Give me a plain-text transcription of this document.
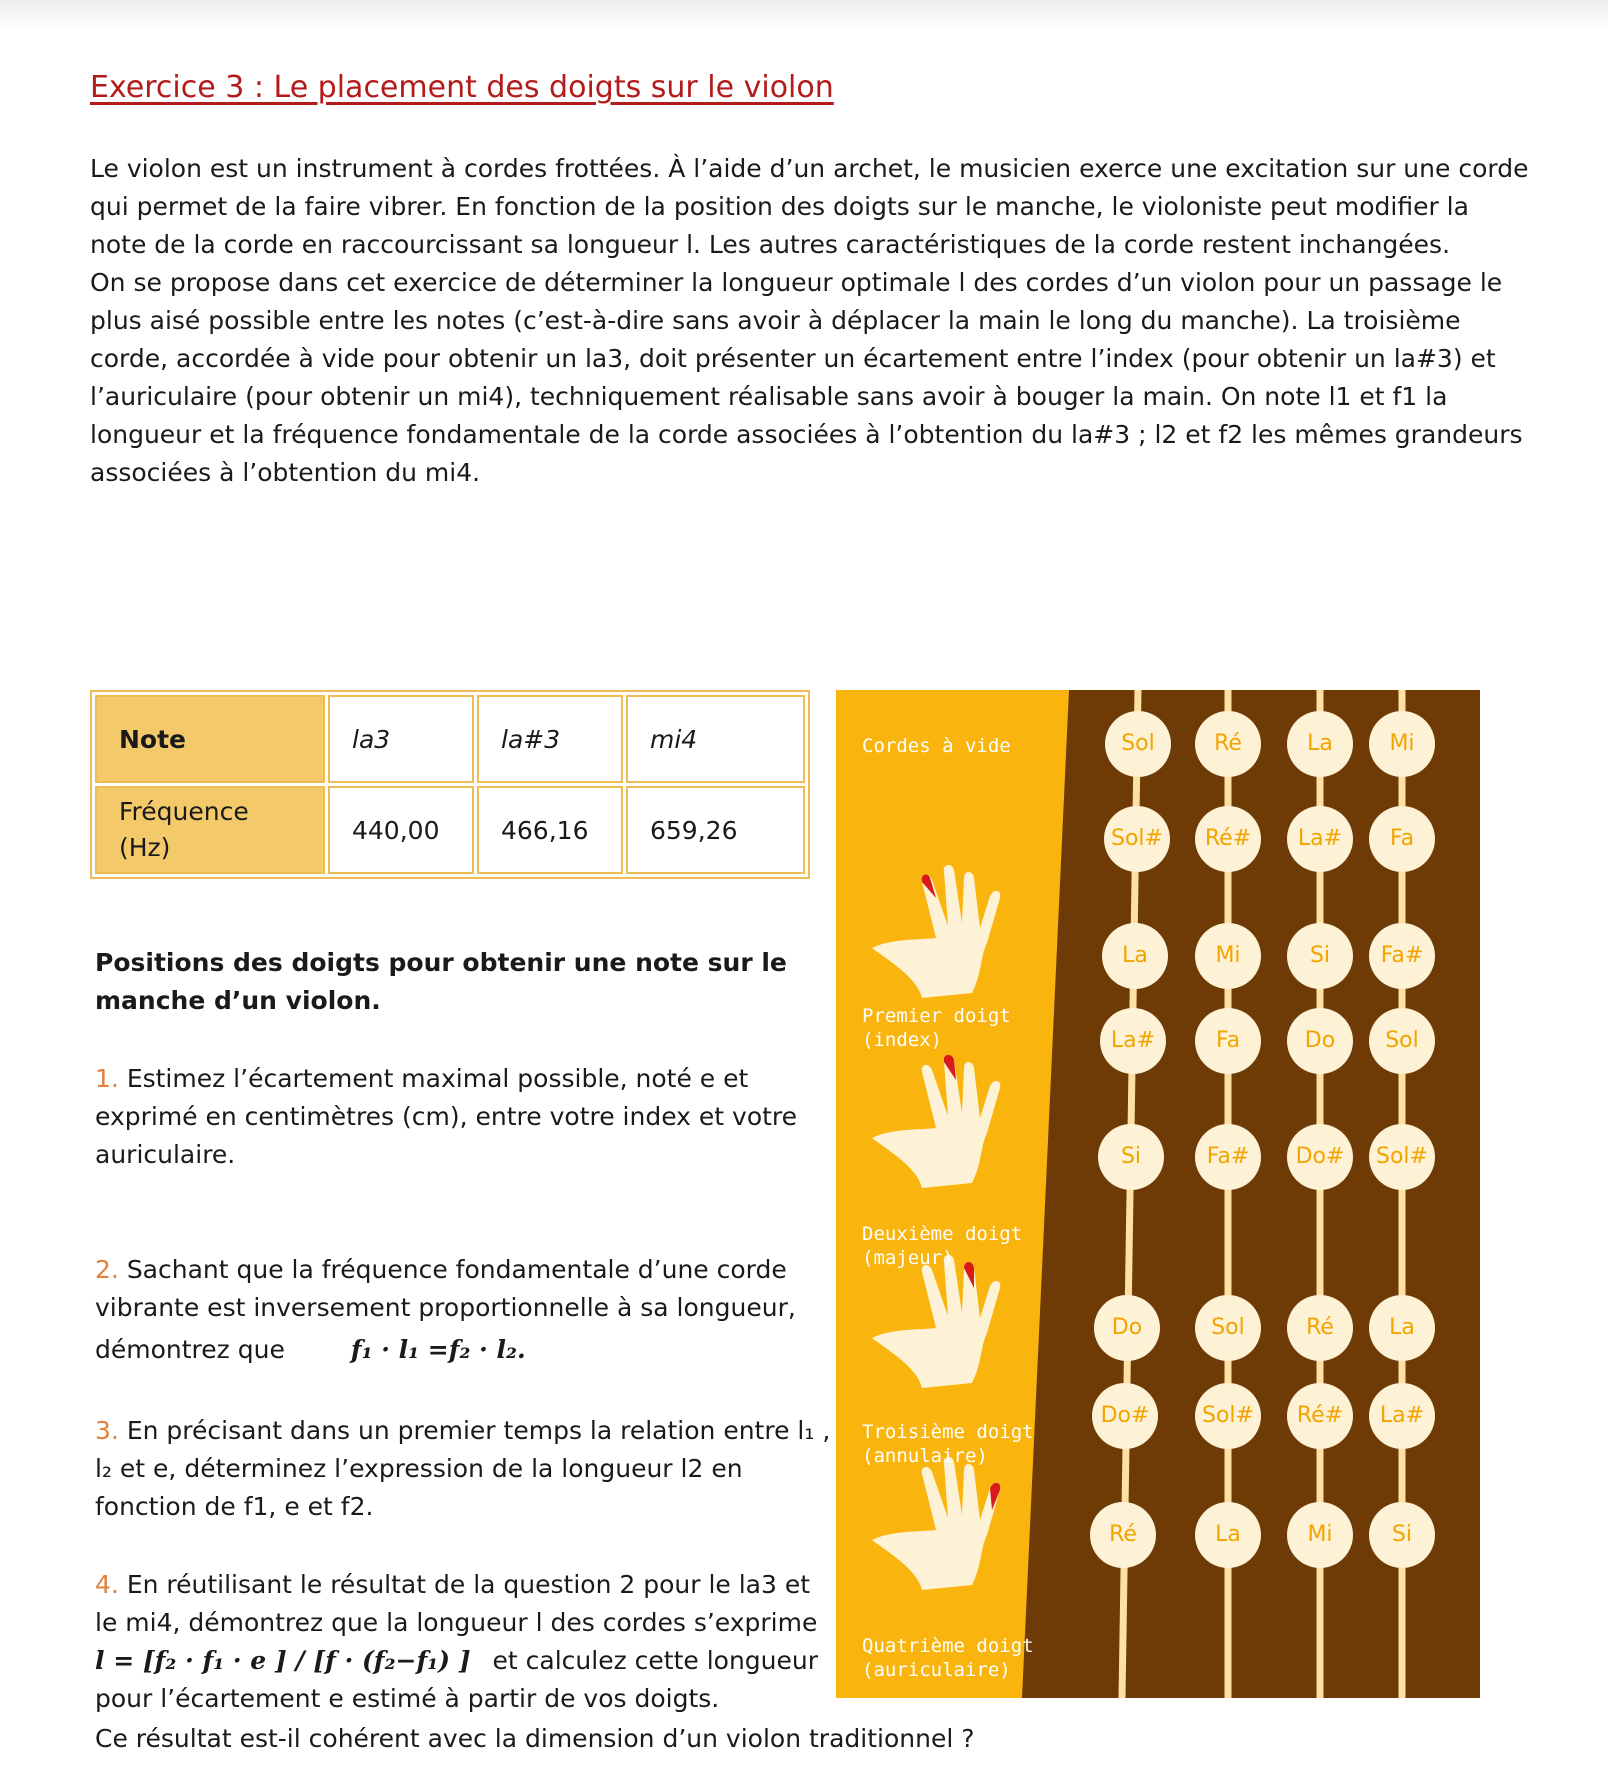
Exercice 3 : Le placement des doigts sur le violon

Le violon est un instrument à cordes frottées. À l’aide d’un archet, le musicien exerce une excitation sur une corde qui permet de la faire vibrer. En fonction de la position des doigts sur le manche, le violoniste peut modifier la note de la corde en raccourcissant sa longueur l. Les autres caractéristiques de la corde restent inchangées.

On se propose dans cet exercice de déterminer la longueur optimale l des cordes d’un violon pour un passage le plus aisé possible entre les notes (c’est-à-dire sans avoir à déplacer la main le long du manche). La troisième corde, accordée à vide pour obtenir un la3, doit présenter un écartement entre l’index (pour obtenir un la#3) et l’auriculaire (pour obtenir un mi4), techniquement réalisable sans avoir à bouger la main. On note l1 et f1 la longueur et la fréquence fondamentale de la corde associées à l’obtention du la#3 ; l2 et f2 les mêmes grandeurs associées à l’obtention du mi4.

Note	la3	la#3	mi4
Fréquence
(Hz)	440,00	466,16	659,26
Positions des doigts pour obtenir une note sur le
manche d’un violon.
1. Estimez l’écartement maximal possible, noté e et
exprimé en centimètres (cm), entre votre index et votre
auriculaire.
2. Sachant que la fréquence fondamentale d’une corde
vibrante est inversement proportionnelle à sa longueur,
démontrez que	f₁ · l₁ =f₂ · l₂.
3. En précisant dans un premier temps la relation entre l₁ ,
l₂ et e, déterminez l’expression de la longueur l2 en
fonction de f1, e et f2.
4. En réutilisant le résultat de la question 2 pour le la3 et
le mi4, démontrez que la longueur l des cordes s’exprime
l = [f₂ · f₁ · e ] / [f · (f₂−f₁) ] et calculez cette longueur
pour l’écartement e estimé à partir de vos doigts.
Ce résultat est-il cohérent avec la dimension d’un violon traditionnel ?
Cordes à vide
Premier doigt
(index)
Deuxième doigt
(majeur)
Troisième doigt
(annulaire)
Quatrième doigt
(auriculaire)
Sol	Ré	La	Mi
Sol#	Ré#	La#	Fa
La	Mi	Si	Fa#
La#	Fa	Do	Sol
Si	Fa#	Do#	Sol#
Do	Sol	Ré	La
Do#	Sol#	Ré#	La#
Ré	La	Mi	Si
